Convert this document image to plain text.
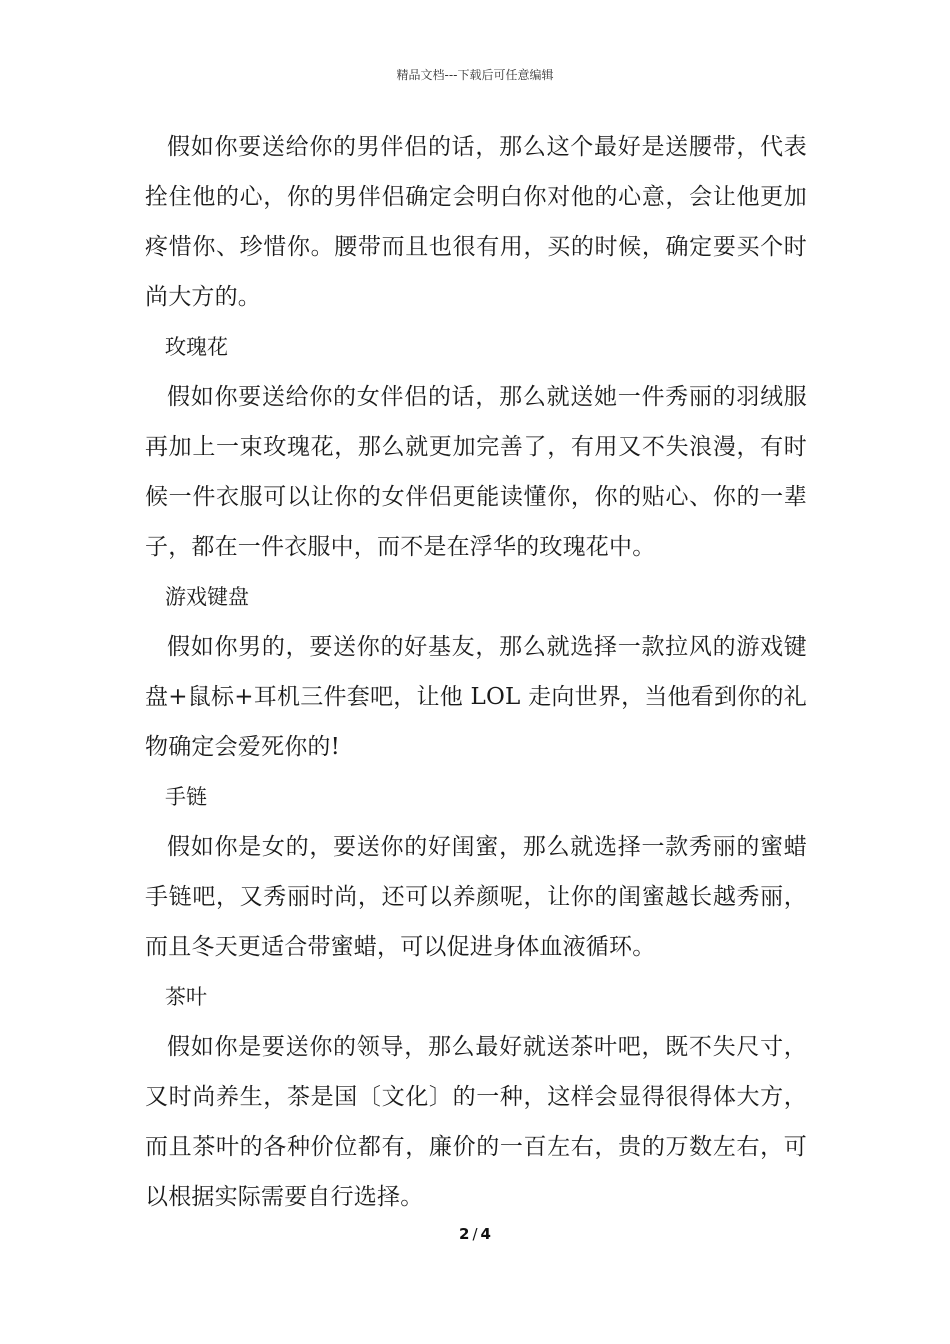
精品文档---下载后可任意编辑

假如你要送给你的男伴侣的话，那么这个最好是送腰带，代表拴住他的心，你的男伴侣确定会明白你对他的心意，会让他更加疼惜你、珍惜你。腰带而且也很有用，买的时候，确定要买个时尚大方的。

玫瑰花

假如你要送给你的女伴侣的话，那么就送她一件秀丽的羽绒服再加上一束玫瑰花，那么就更加完善了，有用又不失浪漫，有时候一件衣服可以让你的女伴侣更能读懂你，你的贴心、你的一辈子，都在一件衣服中，而不是在浮华的玫瑰花中。

游戏键盘

假如你男的，要送你的好基友，那么就选择一款拉风的游戏键盘+鼠标+耳机三件套吧，让他 LOL 走向世界，当他看到你的礼物确定会爱死你的!

手链

假如你是女的，要送你的好闺蜜，那么就选择一款秀丽的蜜蜡手链吧，又秀丽时尚，还可以养颜呢，让你的闺蜜越长越秀丽，而且冬天更适合带蜜蜡，可以促进身体血液循环。

茶叶

假如你是要送你的领导，那么最好就送茶叶吧，既不失尺寸，又时尚养生，茶是国〔文化〕的一种，这样会显得很得体大方，而且茶叶的各种价位都有，廉价的一百左右，贵的万数左右，可以根据实际需要自行选择。

2 / 4
